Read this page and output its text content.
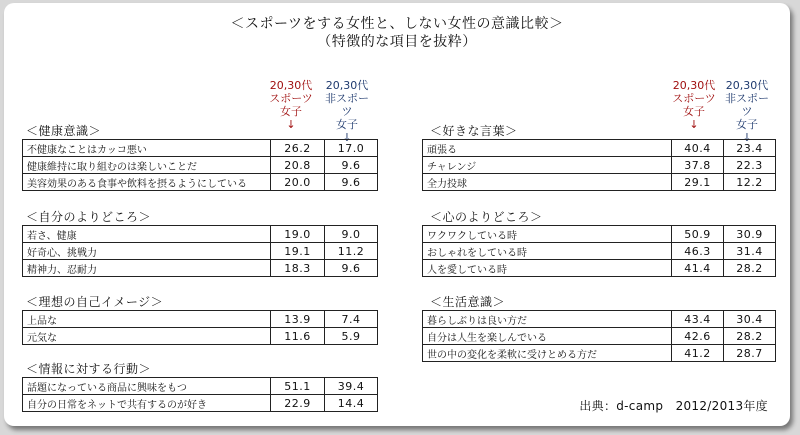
＜スポーツをする女性と、しない女性の意識比較＞
（特徴的な項目を抜粋）
20,30代
スポーツ
女子
↓
20,30代
非スポーツ
女子
↓
20,30代
スポーツ
女子
↓
20,30代
非スポーツ
女子
↓
＜健康意識＞
不健康なことはカッコ悪い	26.2	17.0
健康維持に取り組むのは楽しいことだ	20.8	9.6
美容効果のある食事や飲料を摂るようにしている	20.0	9.6
＜自分のよりどころ＞
若さ、健康	19.0	9.0
好奇心、挑戦力	19.1	11.2
精神力、忍耐力	18.3	9.6
＜理想の自己イメージ＞
上品な	13.9	7.4
元気な	11.6	5.9
＜情報に対する行動＞
話題になっている商品に興味をもつ	51.1	39.4
自分の日常をネットで共有するのが好き	22.9	14.4
＜好きな言葉＞
頑張る	40.4	23.4
チャレンジ	37.8	22.3
全力投球	29.1	12.2
＜心のよりどころ＞
ワクワクしている時	50.9	30.9
おしゃれをしている時	46.3	31.4
人を愛している時	41.4	28.2
＜生活意識＞
暮らしぶりは良い方だ	43.4	30.4
自分は人生を楽しんでいる	42.6	28.2
世の中の変化を柔軟に受けとめる方だ	41.2	28.7
出典：d-camp　2012/2013年度
